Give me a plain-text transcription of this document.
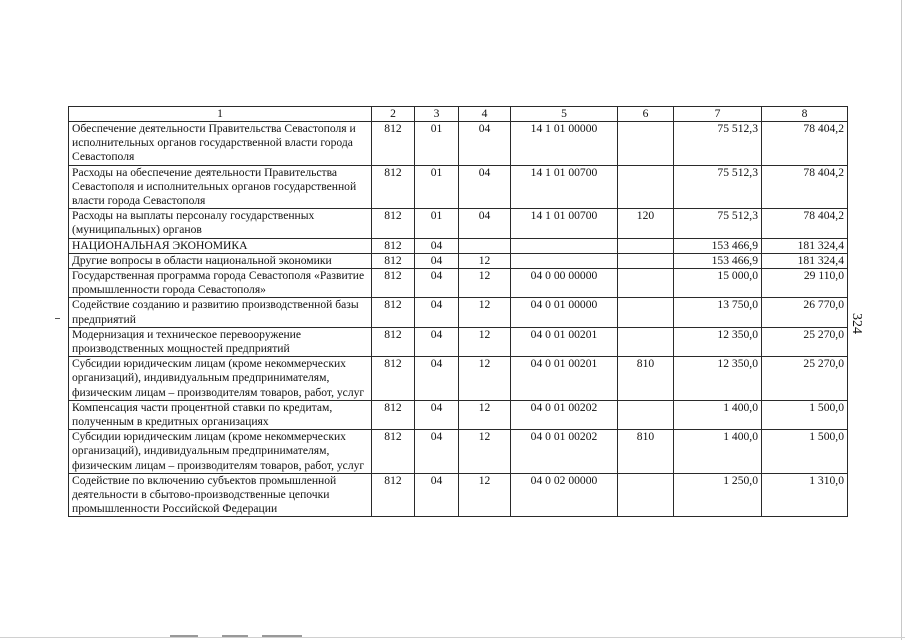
324
1	2	3	4	5	6	7	8
Обеспечение деятельности Правительства Севастополя и исполнительных органов государственной власти города Севастополя	812	01	04	14 1 01 00000		75 512,3	78 404,2
Расходы на обеспечение деятельности Правительства Севастополя и исполнительных органов государственной власти города Севастополя	812	01	04	14 1 01 00700		75 512,3	78 404,2
Расходы на выплаты персоналу государственных (муниципальных) органов	812	01	04	14 1 01 00700	120	75 512,3	78 404,2
НАЦИОНАЛЬНАЯ ЭКОНОМИКА	812	04				153 466,9	181 324,4
Другие вопросы в области национальной экономики	812	04	12			153 466,9	181 324,4
Государственная программа города Севастополя «Развитие промышленности города Севастополя»	812	04	12	04 0 00 00000		15 000,0	29 110,0
Содействие созданию и развитию производственной базы предприятий	812	04	12	04 0 01 00000		13 750,0	26 770,0
Модернизация и техническое перевооружение производственных мощностей предприятий	812	04	12	04 0 01 00201		12 350,0	25 270,0
Субсидии юридическим лицам (кроме некоммерческих организаций), индивидуальным предпринимателям, физическим лицам – производителям товаров, работ, услуг	812	04	12	04 0 01 00201	810	12 350,0	25 270,0
Компенсация части процентной ставки по кредитам, полученным в кредитных организациях	812	04	12	04 0 01 00202		1 400,0	1 500,0
Субсидии юридическим лицам (кроме некоммерческих организаций), индивидуальным предпринимателям, физическим лицам – производителям товаров, работ, услуг	812	04	12	04 0 01 00202	810	1 400,0	1 500,0
Содействие по включению субъектов промышленной деятельности в сбытово-производственные цепочки промышленности Российской Федерации	812	04	12	04 0 02 00000		1 250,0	1 310,0
